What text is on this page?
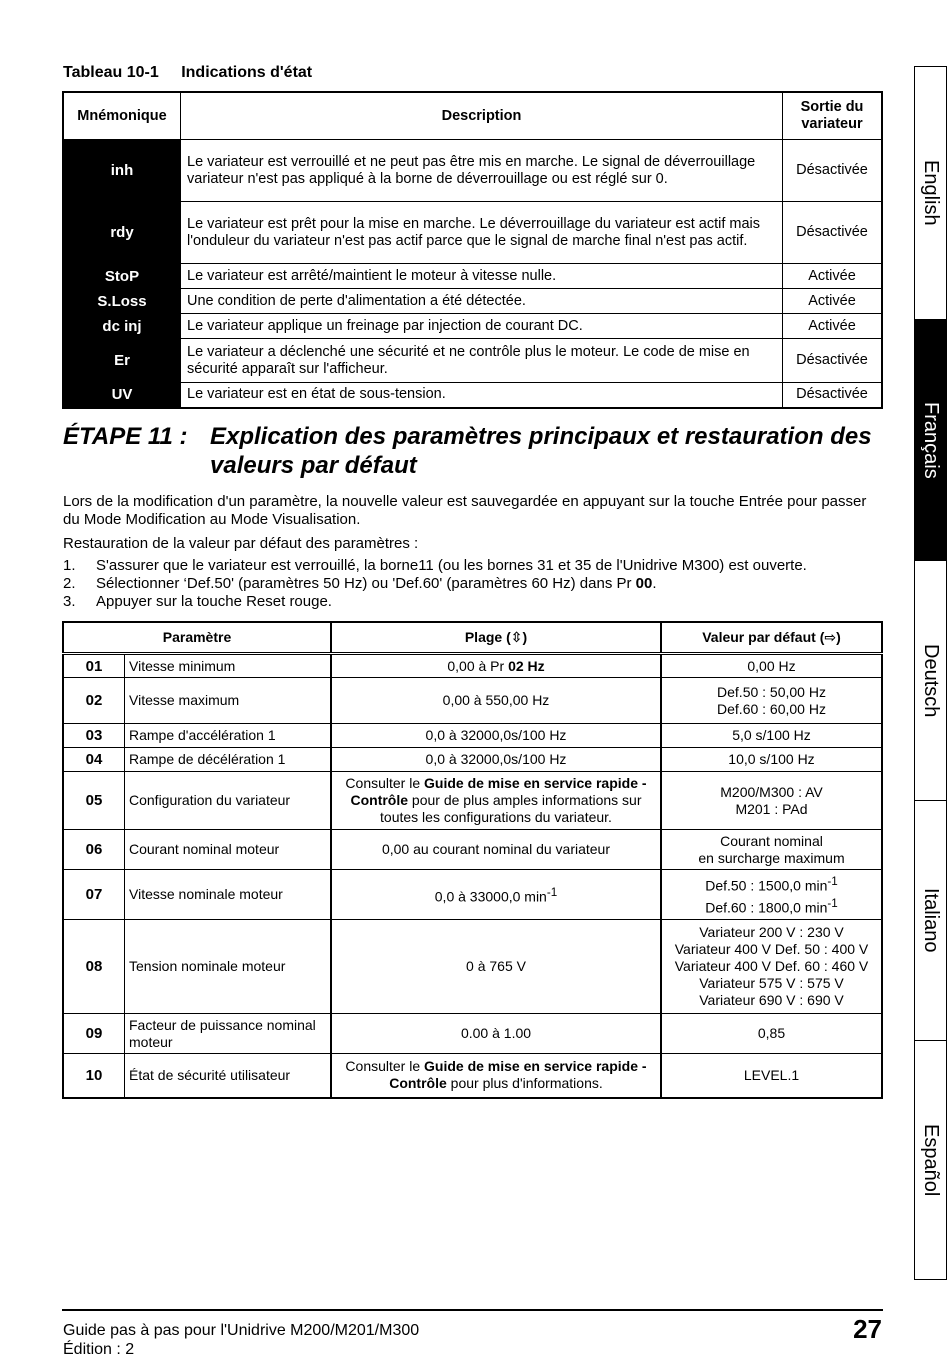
Tableau 10-1 Indications d'état
Mnémonique	Description	Sortie du variateur
inh	Le variateur est verrouillé et ne peut pas être mis en marche. Le signal de déverrouillage variateur n'est pas appliqué à la borne de déverrouillage ou est réglé sur 0.	Désactivée
rdy	Le variateur est prêt pour la mise en marche. Le déverrouillage du variateur est actif mais l'onduleur du variateur n'est pas actif parce que le signal de marche final n'est pas actif.	Désactivée
StoP	Le variateur est arrêté/maintient le moteur à vitesse nulle.	Activée
S.Loss	Une condition de perte d'alimentation a été détectée.	Activée
dc inj	Le variateur applique un freinage par injection de courant DC.	Activée
Er	Le variateur a déclenché une sécurité et ne contrôle plus le moteur. Le code de mise en sécurité apparaît sur l'afficheur.	Désactivée
UV	Le variateur est en état de sous-tension.	Désactivée
ÉTAPE 11 : Explication des paramètres principaux et restauration des valeurs par défaut
Lors de la modification d'un paramètre, la nouvelle valeur est sauvegardée en appuyant sur la touche Entrée pour passer du Mode Modification au Mode Visualisation.
Restauration de la valeur par défaut des paramètres :
1.	S'assurer que le variateur est verrouillé, la borne11 (ou les bornes 31 et 35 de l'Unidrive M300) est ouverte.
2.	Sélectionner ‘Def.50' (paramètres 50 Hz) ou 'Def.60' (paramètres 60 Hz) dans Pr 00.
3.	Appuyer sur la touche Reset rouge.
Paramètre		Plage (⇳)	Valeur par défaut (⇨)
01	Vitesse minimum	0,00 à Pr 02 Hz	0,00 Hz
02	Vitesse maximum	0,00 à 550,00 Hz	Def.50 : 50,00 Hz
Def.60 : 60,00 Hz

03	Rampe d'accélération 1	0,0 à 32000,0s/100 Hz	5,0 s/100 Hz
04	Rampe de décélération 1	0,0 à 32000,0s/100 Hz	10,0 s/100 Hz
05	Configuration du variateur	Consulter le Guide de mise en service rapide - Contrôle pour de plus amples informations sur toutes les configurations du variateur.	M200/M300 : AV
M201 : PAd

06	Courant nominal moteur	0,00 au courant nominal du variateur	Courant nominal
en surcharge maximum

07	Vitesse nominale moteur	0,0 à 33000,0 $\min^{-1}$	Def.50 : 1500,0 $\min^{-1}$
Def.60 : 1800,0 $\min^{-1}$

08	Tension nominale moteur	0 à 765 V	Variateur 200 V : 230 V
Variateur 400 V Def. 50 : 400 V
Variateur 400 V Def. 60 : 460 V
Variateur 575 V : 575 V
Variateur 690 V : 690 V

09	Facteur de puissance nominal moteur	0.00 à 1.00	0,85
10	État de sécurité utilisateur	Consulter le Guide de mise en service rapide - Contrôle pour plus d'informations.	LEVEL.1
English
Français
Deutsch
Italiano
Español
Guide pas à pas pour l'Unidrive M200/M201/M300
Édition : 2
27
